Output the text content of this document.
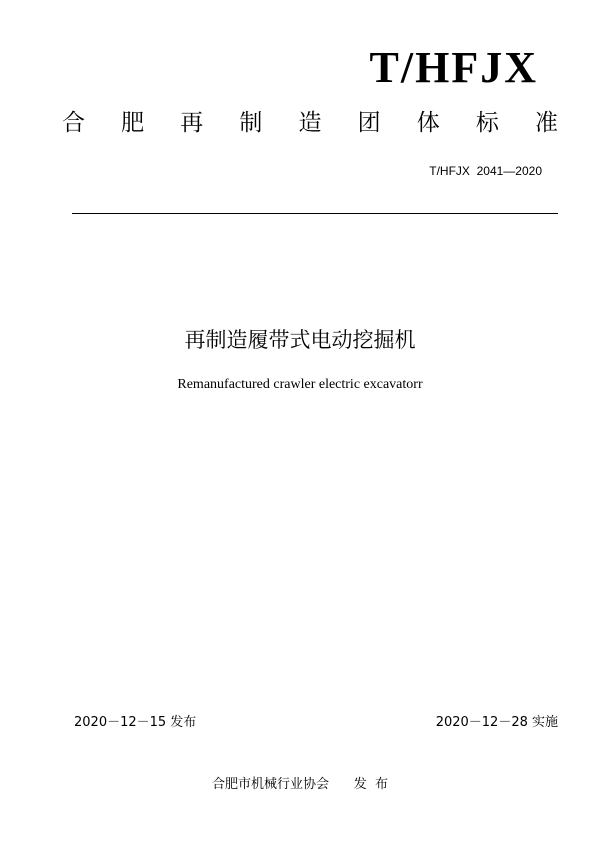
T/HFJX
合 肥 再 制 造 团 体 标 准
T/HFJX  2041—2020
再制造履带式电动挖掘机
Remanufactured crawler electric excavatorr
2020－12－15 发布	2020－12－28 实施
合肥市机械行业协会      发  布
